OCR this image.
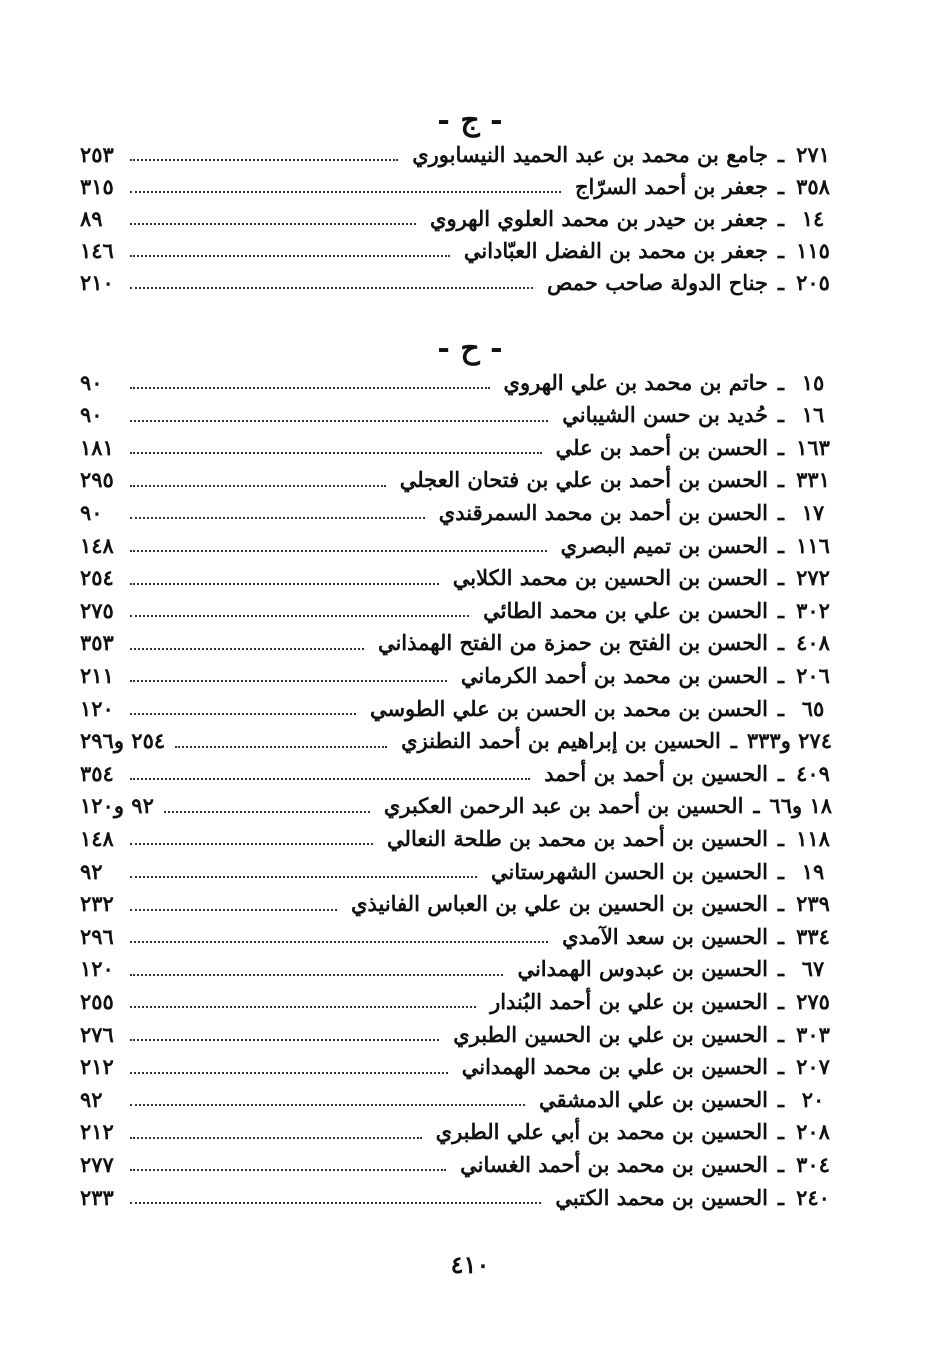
- ج -
٢٧١
ـ
جامع بن محمد بن عبد الحميد النيسابوري
٢٥٣
٣٥٨
ـ
جعفر بن أحمد السرّاج
٣١٥
١٤
ـ
جعفر بن حيدر بن محمد العلوي الهروي
٨٩
١١٥
ـ
جعفر بن محمد بن الفضل العبّاداني
١٤٦
٢٠٥
ـ
جناح الدولة صاحب حمص
٢١٠
- ح -
١٥
ـ
حاتم بن محمد بن علي الهروي
٩٠
١٦
ـ
حُديد بن حسن الشيباني
٩٠
١٦٣
ـ
الحسن بن أحمد بن علي
١٨١
٣٣١
ـ
الحسن بن أحمد بن علي بن فتحان العجلي
٢٩٥
١٧
ـ
الحسن بن أحمد بن محمد السمرقندي
٩٠
١١٦
ـ
الحسن بن تميم البصري
١٤٨
٢٧٢
ـ
الحسن بن الحسين بن محمد الكلابي
٢٥٤
٣٠٢
ـ
الحسن بن علي بن محمد الطائي
٢٧٥
٤٠٨
ـ
الحسن بن الفتح بن حمزة من الفتح الهمذاني
٣٥٣
٢٠٦
ـ
الحسن بن محمد بن أحمد الكرماني
٢١١
٦٥
ـ
الحسن بن محمد بن الحسن بن علي الطوسي
١٢٠
٢٧٤ و٣٣٣
ـ
الحسين بن إبراهيم بن أحمد النطنزي
٢٥٤ و٢٩٦
٤٠٩
ـ
الحسين بن أحمد بن أحمد
٣٥٤
١٨ و٦٦
ـ
الحسين بن أحمد بن عبد الرحمن العكبري
٩٢ و١٢٠
١١٨
ـ
الحسين بن أحمد بن محمد بن طلحة النعالي
١٤٨
١٩
ـ
الحسين بن الحسن الشهرستاني
٩٢
٢٣٩
ـ
الحسين بن الحسين بن علي بن العباس الفانيذي
٢٣٢
٣٣٤
ـ
الحسين بن سعد الآمدي
٢٩٦
٦٧
ـ
الحسين بن عبدوس الهمداني
١٢٠
٢٧٥
ـ
الحسين بن علي بن أحمد البُندار
٢٥٥
٣٠٣
ـ
الحسين بن علي بن الحسين الطبري
٢٧٦
٢٠٧
ـ
الحسين بن علي بن محمد الهمداني
٢١٢
٢٠
ـ
الحسين بن علي الدمشقي
٩٢
٢٠٨
ـ
الحسين بن محمد بن أبي علي الطبري
٢١٢
٣٠٤
ـ
الحسين بن محمد بن أحمد الغساني
٢٧٧
٢٤٠
ـ
الحسين بن محمد الكتبي
٢٣٣
٤١٠
